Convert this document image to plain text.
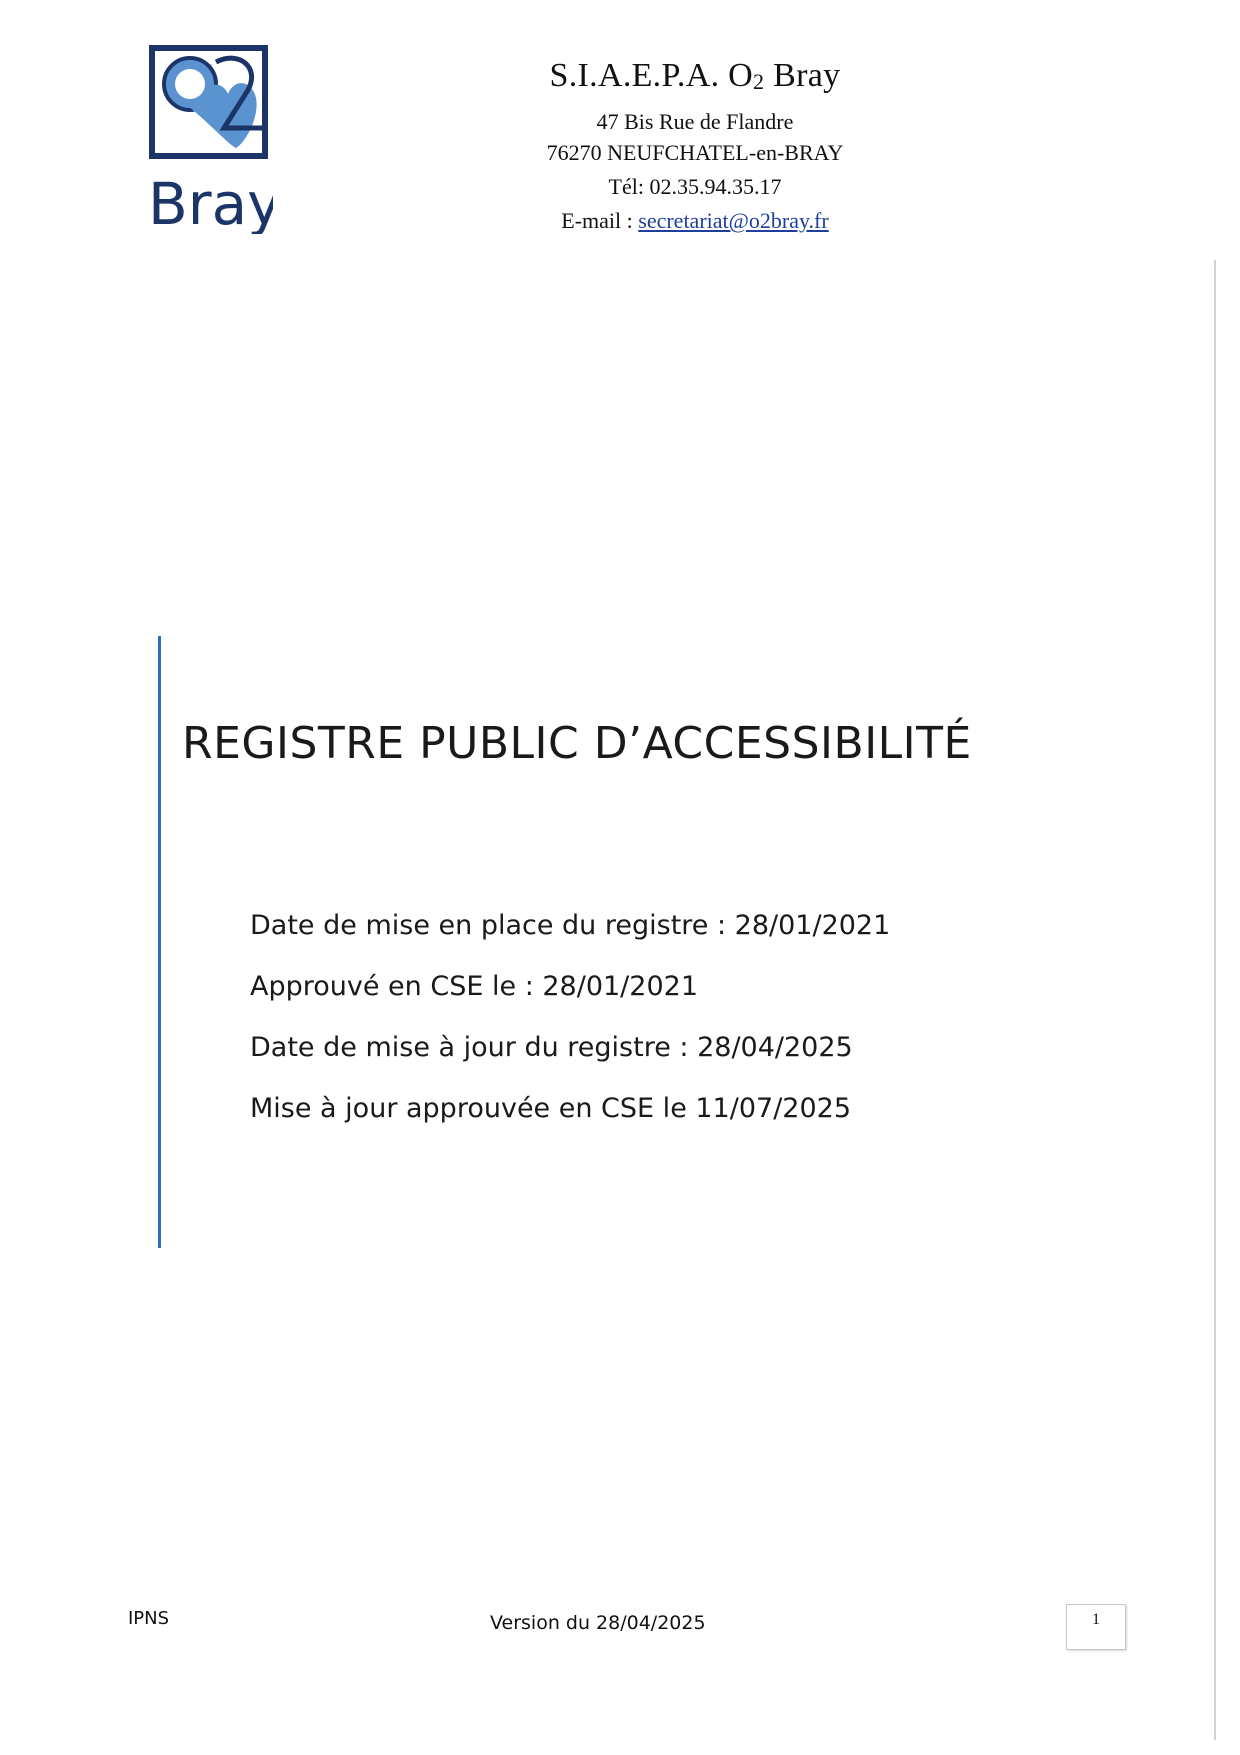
Bray
S.I.A.E.P.A. O2 Bray
47 Bis Rue de Flandre
76270 NEUFCHATEL-en-BRAY
Tél: 02.35.94.35.17
E-mail : secretariat@o2bray.fr
REGISTRE PUBLIC D’ACCESSIBILITÉ
Date de mise en place du registre : 28/01/2021
Approuvé en CSE le : 28/01/2021
Date de mise à jour du registre : 28/04/2025
Mise à jour approuvée en CSE le 11/07/2025
IPNS	Version du 28/04/2025	1
